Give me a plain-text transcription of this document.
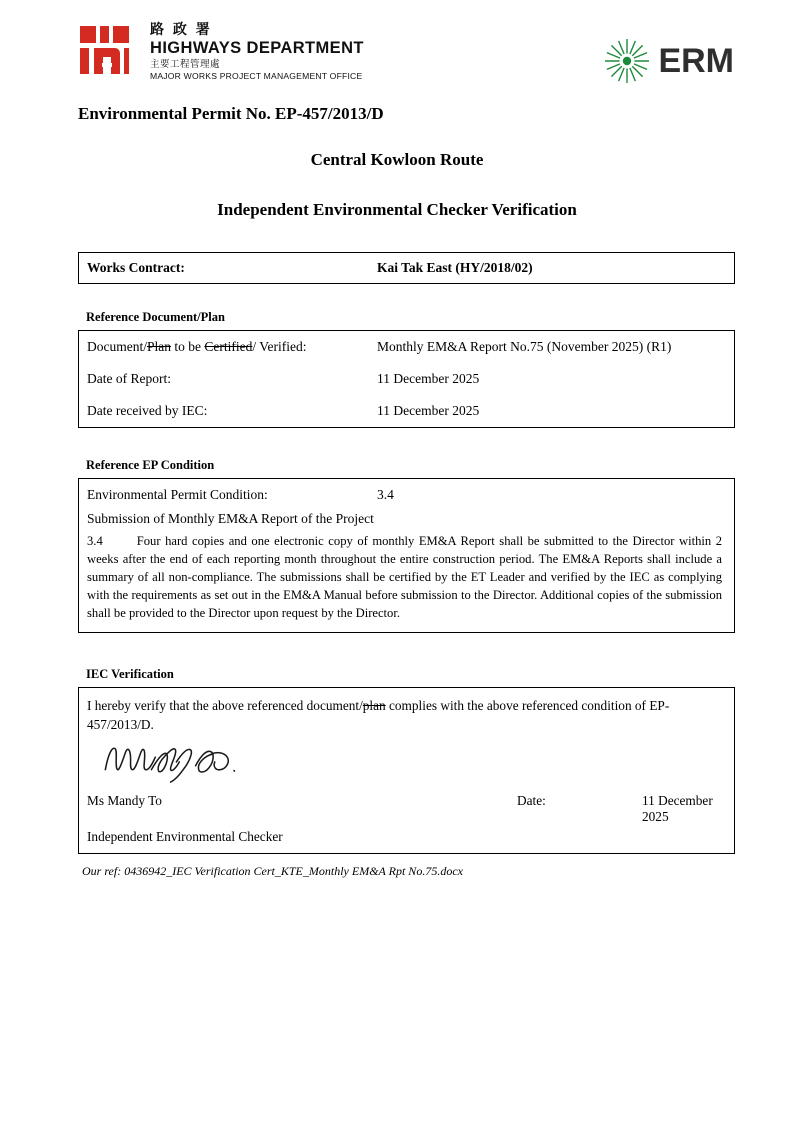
路 政 署
HIGHWAYS DEPARTMENT
主要工程管理處
MAJOR WORKS PROJECT MANAGEMENT OFFICE	ERM
Environmental Permit No. EP-457/2013/D
Central Kowloon Route
Independent Environmental Checker Verification
Works Contract:	Kai Tak East (HY/2018/02)
Reference Document/Plan
Document/Plan to be Certified/ Verified:	Monthly EM&A Report No.75 (November 2025) (R1)
Date of Report:	11 December 2025
Date received by IEC:	11 December 2025
Reference EP Condition
Environmental Permit Condition:	3.4
Submission of Monthly EM&A Report of the Project
3.4	Four hard copies and one electronic copy of monthly EM&A Report shall be submitted to the Director within 2 weeks after the end of each reporting month throughout the entire construction period. The EM&A Reports shall include a summary of all non-compliance. The submissions shall be certified by the ET Leader and verified by the IEC as complying with the requirements as set out in the EM&A Manual before submission to the Director. Additional copies of the submission shall be provided to the Director upon request by the Director.
IEC Verification
I hereby verify that the above referenced document/plan complies with the above referenced condition of EP-457/2013/D.
Ms Mandy To	Date:	11 December 2025
Independent Environmental Checker
Our ref: 0436942_IEC Verification Cert_KTE_Monthly EM&A Rpt No.75.docx
